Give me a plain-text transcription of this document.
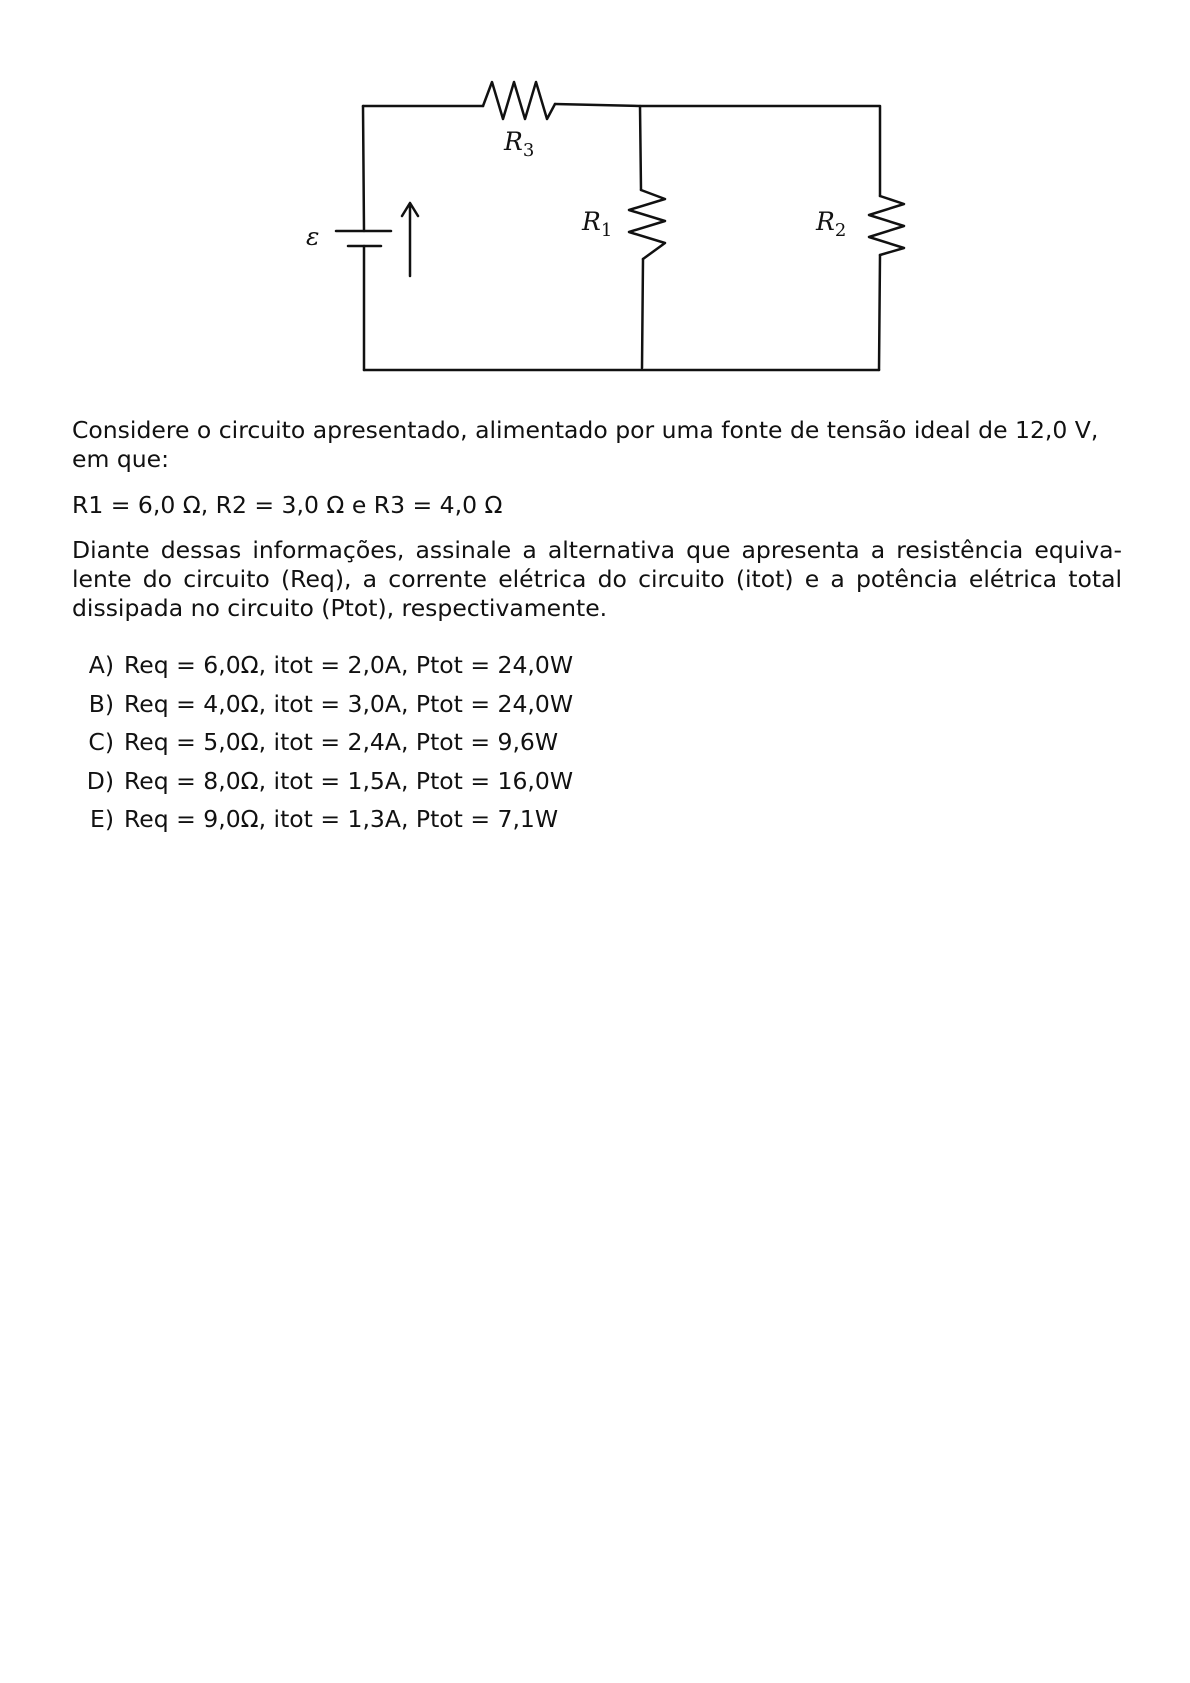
ε
$R_3$
$R_1$	$R_2$

Considere o circuito apresentado, alimentado por uma fonte de tensão ideal de 12,0 V, em que:

R1 = 6,0 Ω, R2 = 3,0 Ω e R3 = 4,0 Ω

Diante dessas informações, assinale a alternativa que apresenta a resistência equiva-lente do circuito (Req), a corrente elétrica do circuito (itot) e a potência elétrica total dissipada no circuito (Ptot), respectivamente.

A) Req = 6,0Ω, itot = 2,0A, Ptot = 24,0W
B) Req = 4,0Ω, itot = 3,0A, Ptot = 24,0W
C) Req = 5,0Ω, itot = 2,4A, Ptot = 9,6W
D) Req = 8,0Ω, itot = 1,5A, Ptot = 16,0W
E) Req = 9,0Ω, itot = 1,3A, Ptot = 7,1W
